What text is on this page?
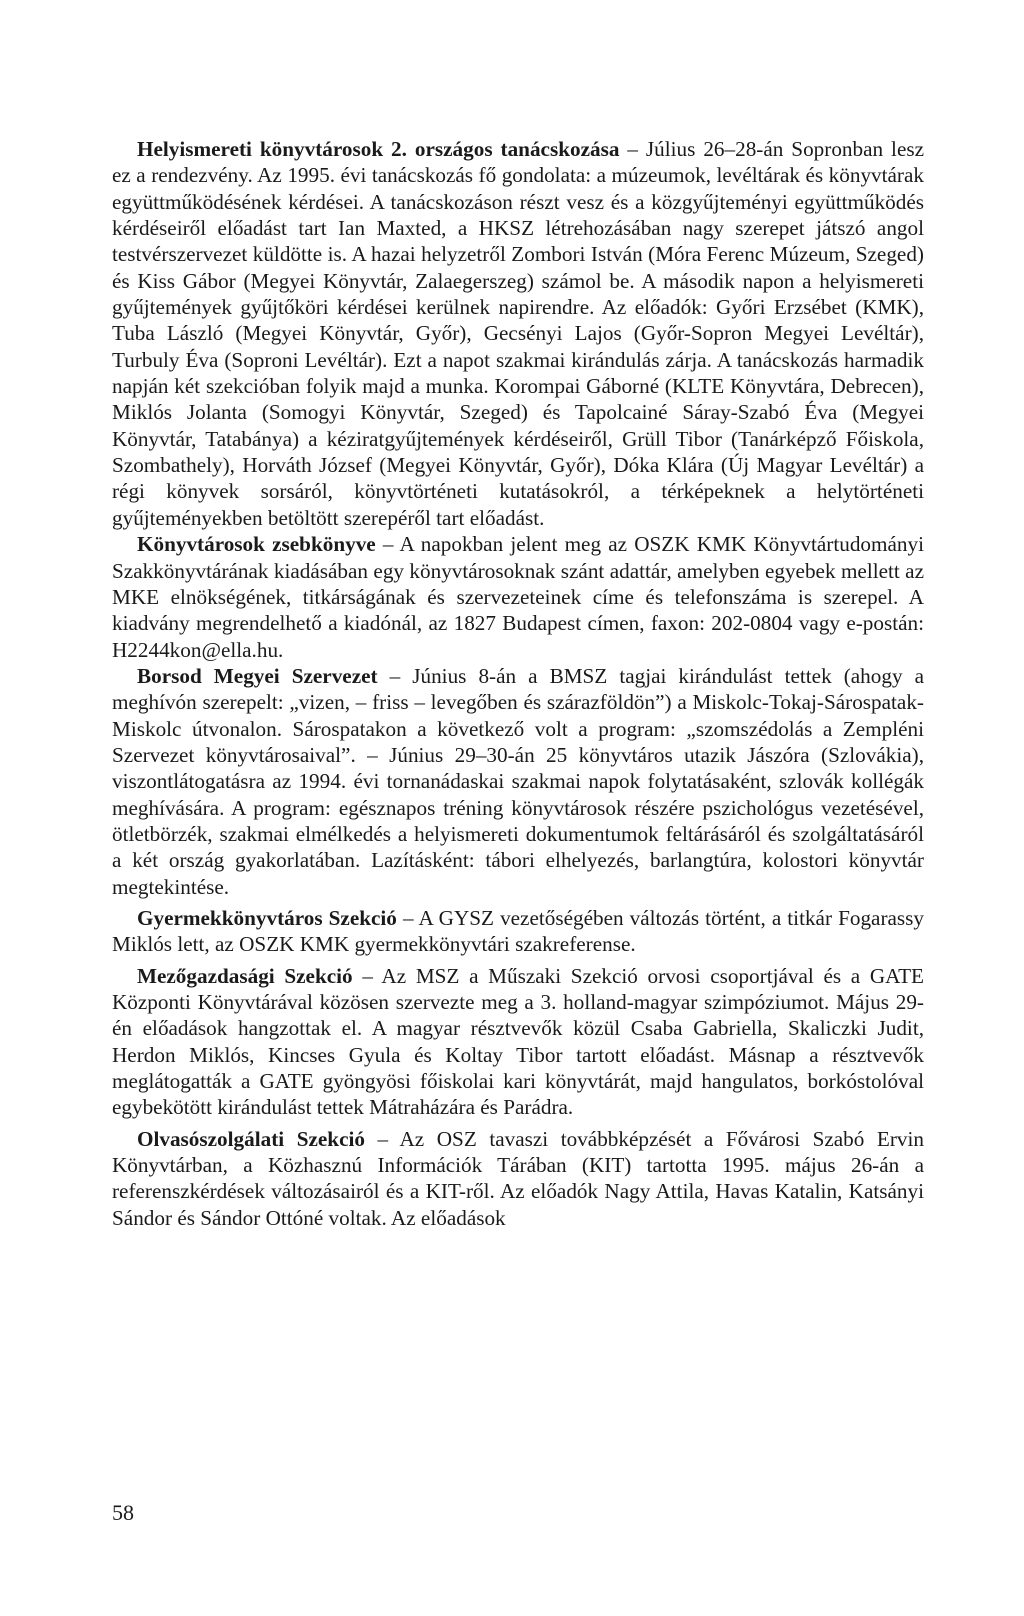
Helyismereti könyvtárosok 2. országos tanácskozása – Július 26–28-án Sopronban lesz ez a rendezvény. Az 1995. évi tanácskozás fő gondolata: a múzeumok, levéltárak és könyvtárak együttműködésének kérdései. A tanácskozáson részt vesz és a közgyűjteményi együttműködés kérdéseiről előadást tart Ian Maxted, a HKSZ létrehozásában nagy szerepet játszó angol testvérszervezet küldötte is. A hazai helyzetről Zombori István (Móra Ferenc Múzeum, Szeged) és Kiss Gábor (Megyei Könyvtár, Zalaegerszeg) számol be. A második napon a helyismereti gyűjtemények gyűjtőköri kérdései kerülnek napirendre. Az előadók: Győri Erzsébet (KMK), Tuba László (Megyei Könyvtár, Győr), Gecsényi Lajos (Győr-Sopron Megyei Levéltár), Turbuly Éva (Soproni Levéltár). Ezt a napot szakmai kirándulás zárja. A tanácskozás harmadik napján két szekcióban folyik majd a munka. Korompai Gáborné (KLTE Könyvtára, Debrecen), Miklós Jolanta (Somogyi Könyvtár, Szeged) és Tapolcainé Sáray-Szabó Éva (Megyei Könyvtár, Tatabánya) a kéziratgyűjtemények kérdéseiről, Grüll Tibor (Tanárképző Főiskola, Szombathely), Horváth József (Megyei Könyvtár, Győr), Dóka Klára (Új Magyar Levéltár) a régi könyvek sorsáról, könyvtörténeti kutatásokról, a térképeknek a helytörténeti gyűjteményekben betöltött szerepéről tart előadást.

Könyvtárosok zsebkönyve – A napokban jelent meg az OSZK KMK Könyvtártudományi Szakkönyvtárának kiadásában egy könyvtárosoknak szánt adattár, amelyben egyebek mellett az MKE elnökségének, titkárságának és szervezeteinek címe és telefonszáma is szerepel. A kiadvány megrendelhető a kiadónál, az 1827 Budapest címen, faxon: 202-0804 vagy e-postán: H2244kon@ella.hu.

Borsod Megyei Szervezet – Június 8-án a BMSZ tagjai kirándulást tettek (ahogy a meghívón szerepelt: „vizen, – friss – levegőben és szárazföldön”) a Miskolc-Tokaj-Sárospatak-Miskolc útvonalon. Sárospatakon a következő volt a program: „szomszédolás a Zempléni Szervezet könyvtárosaival”. – Június 29–30-án 25 könyvtáros utazik Jászóra (Szlovákia), viszontlátogatásra az 1994. évi tornanádaskai szakmai napok folytatásaként, szlovák kollégák meghívására. A program: egésznapos tréning könyvtárosok részére pszichológus vezetésével, ötletbörzék, szakmai elmélkedés a helyismereti dokumentumok feltárásáról és szolgáltatásáról a két ország gyakorlatában. Lazításként: tábori elhelyezés, barlangtúra, kolostori könyvtár megtekintése.

Gyermekkönyvtáros Szekció – A GYSZ vezetőségében változás történt, a titkár Fogarassy Miklós lett, az OSZK KMK gyermekkönyvtári szakreferense.

Mezőgazdasági Szekció – Az MSZ a Műszaki Szekció orvosi csoportjával és a GATE Központi Könyvtárával közösen szervezte meg a 3. holland-magyar szimpóziumot. Május 29-én előadások hangzottak el. A magyar résztvevők közül Csaba Gabriella, Skaliczki Judit, Herdon Miklós, Kincses Gyula és Koltay Tibor tartott előadást. Másnap a résztvevők meglátogatták a GATE gyöngyösi főiskolai kari könyvtárát, majd hangulatos, borkóstolóval egybekötött kirándulást tettek Mátraházára és Parádra.

Olvasószolgálati Szekció – Az OSZ tavaszi továbbképzését a Fővárosi Szabó Ervin Könyvtárban, a Közhasznú Információk Tárában (KIT) tartotta 1995. május 26-án a referenszkérdések változásairól és a KIT-ről. Az előadók Nagy Attila, Havas Katalin, Katsányi Sándor és Sándor Ottóné voltak. Az előadások

58
